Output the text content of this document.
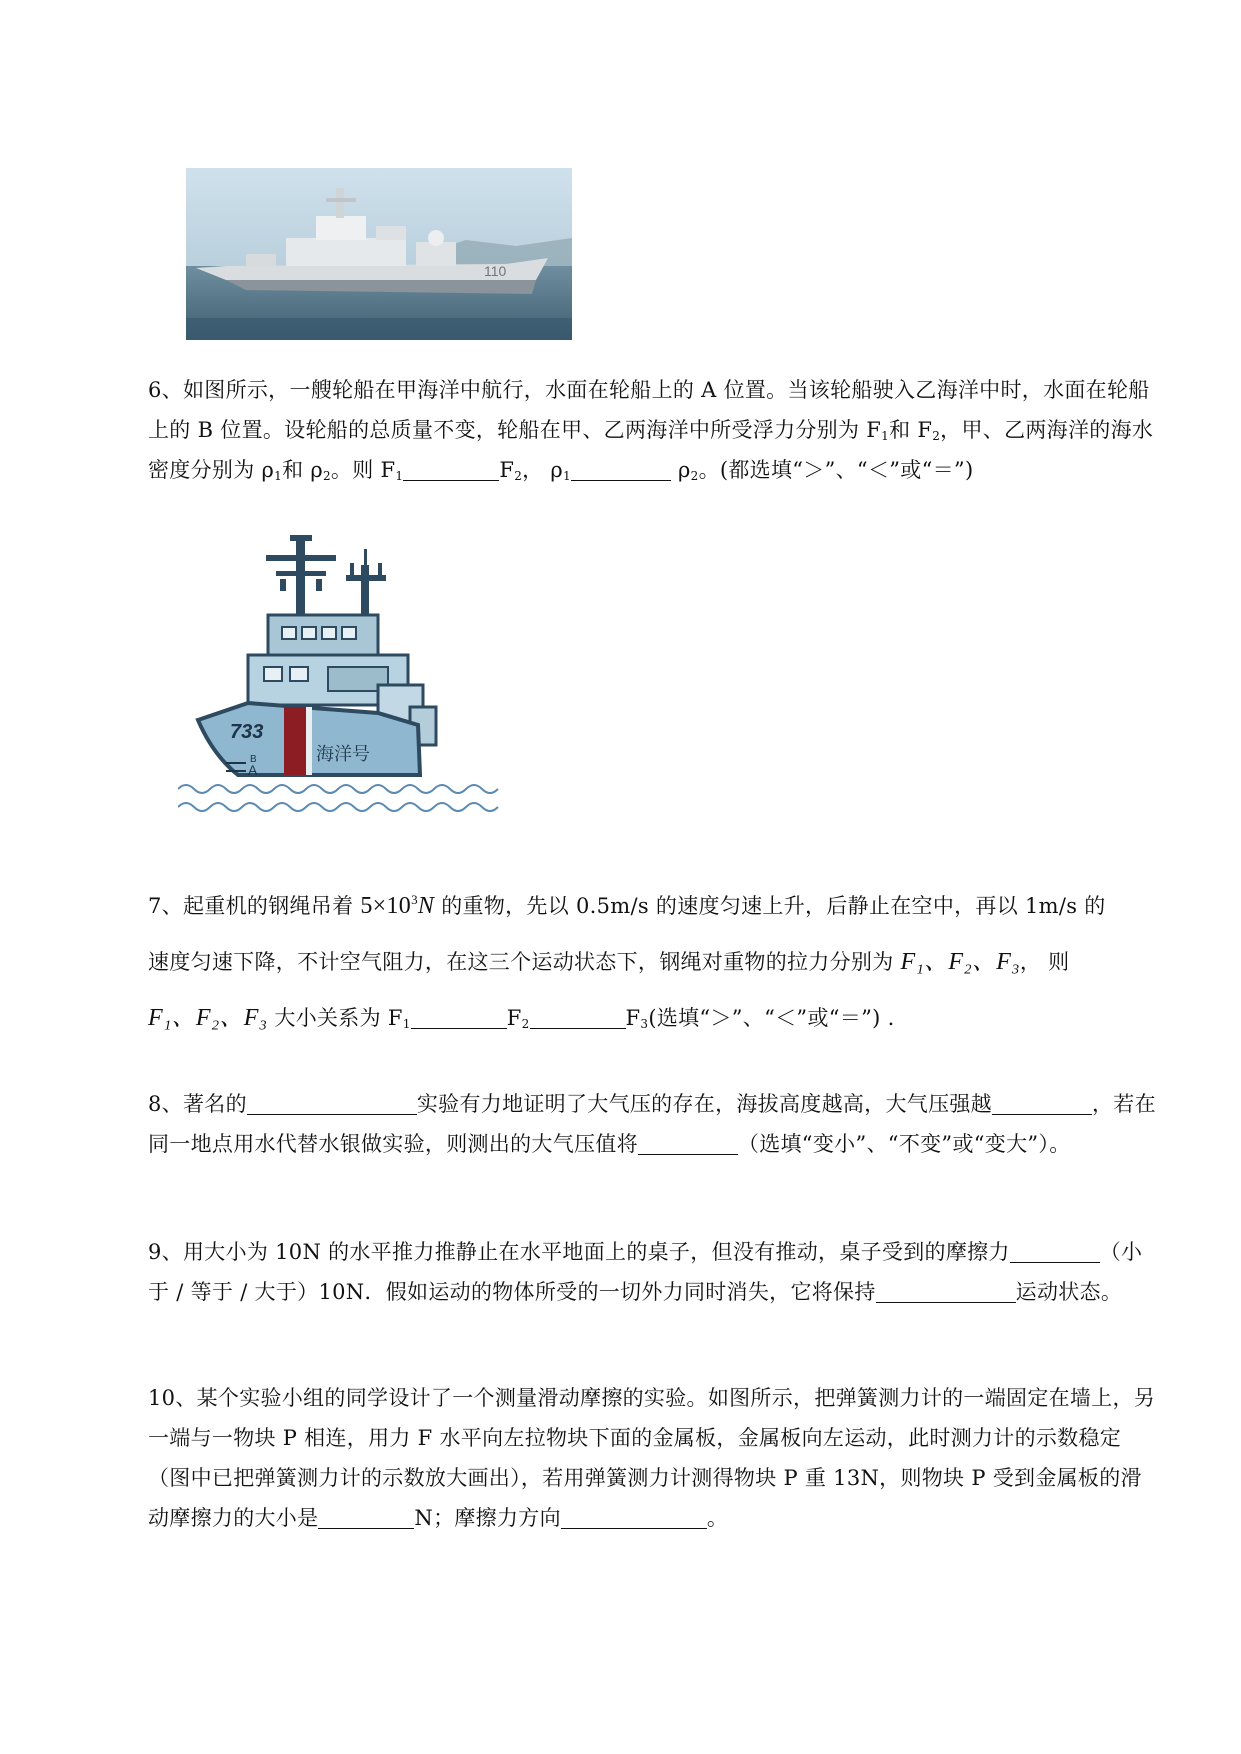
110
6、如图所示，一艘轮船在甲海洋中航行，水面在轮船上的 A 位置。当该轮船驶入乙海洋中时，水面在轮船上的 B 位置。设轮船的总质量不变，轮船在甲、乙两海洋中所受浮力分别为 $F_1$和 $F_2$，甲、乙两海洋的海水密度分别为 $\rho_1$和 $\rho_2$。则 $F_1$	$F_2$， $\rho_1$	$\rho_2$。(都选填“＞”、“＜”或“＝”)
733
海洋号
B
A
7、起重机的钢绳吊着 $5\times 10^3N$ 的重物，先以 0.5m/s 的速度匀速上升，后静止在空中，再以 1m/s 的
速度匀速下降，不计空气阻力，在这三个运动状态下，钢绳对重物的拉力分别为 F₁、F₂、F₃， 则
F₁、F₂、F₃ 大小关系为 $F_1$	$F_2$	$F_3$(选填“＞”、“＜”或“＝”) .
8、著名的	实验有力地证明了大气压的存在，海拔高度越高，大气压强越	，若在同一地点用水代替水银做实验，则测出的大气压值将	（选填“变小”、“不变”或“变大”）。
9、用大小为 10N 的水平推力推静止在水平地面上的桌子，但没有推动，桌子受到的摩擦力	（小于 / 等于 / 大于）10N．假如运动的物体所受的一切外力同时消失，它将保持	运动状态。
10、某个实验小组的同学设计了一个测量滑动摩擦的实验。如图所示，把弹簧测力计的一端固定在墙上，另一端与一物块 P 相连，用力 F 水平向左拉物块下面的金属板，金属板向左运动，此时测力计的示数稳定（图中已把弹簧测力计的示数放大画出），若用弹簧测力计测得物块 P 重 13N，则物块 P 受到金属板的滑动摩擦力的大小是	N；摩擦力方向	。
